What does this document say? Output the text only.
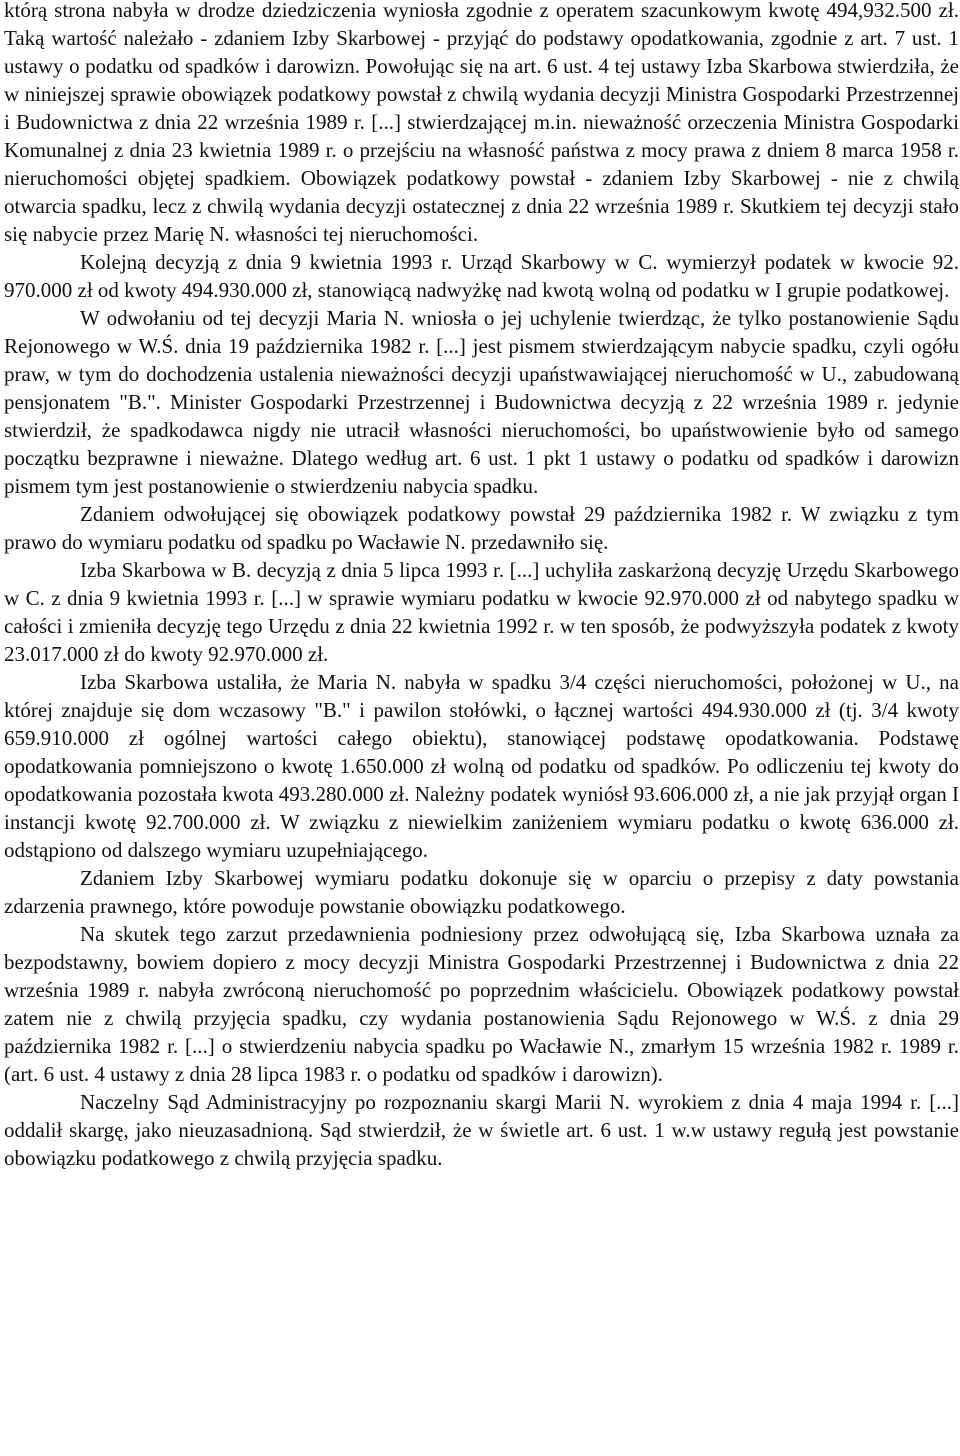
którą strona nabyła w drodze dziedziczenia wyniosła zgodnie z operatem szacunkowym kwotę 494,932.500 zł. Taką wartość należało - zdaniem Izby Skarbowej - przyjąć do podstawy opodatkowania, zgodnie z art. 7 ust. 1 ustawy o podatku od spadków i darowizn. Powołując się na art. 6 ust. 4 tej ustawy Izba Skarbowa stwierdziła, że w niniejszej sprawie obowiązek podatkowy powstał z chwilą wydania decyzji Ministra Gospodarki Przestrzennej i Budownictwa z dnia 22 września 1989 r. [...] stwierdzającej m.in. nieważność orzeczenia Ministra Gospodarki Komunalnej z dnia 23 kwietnia 1989 r. o przejściu na własność państwa z mocy prawa z dniem 8 marca 1958 r. nieruchomości objętej spadkiem. Obowiązek podatkowy powstał - zdaniem Izby Skarbowej - nie z chwilą otwarcia spadku, lecz z chwilą wydania decyzji ostatecznej z dnia 22 września 1989 r. Skutkiem tej decyzji stało się nabycie przez Marię N. własności tej nieruchomości.

Kolejną decyzją z dnia 9 kwietnia 1993 r. Urząd Skarbowy w C. wymierzył podatek w kwocie 92. 970.000 zł od kwoty 494.930.000 zł, stanowiącą nadwyżkę nad kwotą wolną od podatku w I grupie podatkowej.

W odwołaniu od tej decyzji Maria N. wniosła o jej uchylenie twierdząc, że tylko postanowienie Sądu Rejonowego w W.Ś. dnia 19 października 1982 r. [...] jest pismem stwierdzającym nabycie spadku, czyli ogółu praw, w tym do dochodzenia ustalenia nieważności decyzji upaństwawiającej nieruchomość w U., zabudowaną pensjonatem "B.". Minister Gospodarki Przestrzennej i Budownictwa decyzją z 22 września 1989 r. jedynie stwierdził, że spadkodawca nigdy nie utracił własności nieruchomości, bo upaństwowienie było od samego początku bezprawne i nieważne. Dlatego według art. 6 ust. 1 pkt 1 ustawy o podatku od spadków i darowizn pismem tym jest postanowienie o stwierdzeniu nabycia spadku.

Zdaniem odwołującej się obowiązek podatkowy powstał 29 października 1982 r. W związku z tym prawo do wymiaru podatku od spadku po Wacławie N. przedawniło się.

Izba Skarbowa w B. decyzją z dnia 5 lipca 1993 r. [...] uchyliła zaskarżoną decyzję Urzędu Skarbowego w C. z dnia 9 kwietnia 1993 r. [...] w sprawie wymiaru podatku w kwocie 92.970.000 zł od nabytego spadku w całości i zmieniła decyzję tego Urzędu z dnia 22 kwietnia 1992 r. w ten sposób, że podwyższyła podatek z kwoty 23.017.000 zł do kwoty 92.970.000 zł.

Izba Skarbowa ustaliła, że Maria N. nabyła w spadku 3/4 części nieruchomości, położonej w U., na której znajduje się dom wczasowy "B." i pawilon stołówki, o łącznej wartości 494.930.000 zł (tj. 3/4 kwoty 659.910.000 zł ogólnej wartości całego obiektu), stanowiącej podstawę opodatkowania. Podstawę opodatkowania pomniejszono o kwotę 1.650.000 zł wolną od podatku od spadków. Po odliczeniu tej kwoty do opodatkowania pozostała kwota 493.280.000 zł. Należny podatek wyniósł 93.606.000 zł, a nie jak przyjął organ I instancji kwotę 92.700.000 zł. W związku z niewielkim zaniżeniem wymiaru podatku o kwotę 636.000 zł. odstąpiono od dalszego wymiaru uzupełniającego.

Zdaniem Izby Skarbowej wymiaru podatku dokonuje się w oparciu o przepisy z daty powstania zdarzenia prawnego, które powoduje powstanie obowiązku podatkowego.

Na skutek tego zarzut przedawnienia podniesiony przez odwołującą się, Izba Skarbowa uznała za bezpodstawny, bowiem dopiero z mocy decyzji Ministra Gospodarki Przestrzennej i Budownictwa z dnia 22 września 1989 r. nabyła zwróconą nieruchomość po poprzednim właścicielu. Obowiązek podatkowy powstał zatem nie z chwilą przyjęcia spadku, czy wydania postanowienia Sądu Rejonowego w W.Ś. z dnia 29 października 1982 r. [...] o stwierdzeniu nabycia spadku po Wacławie N., zmarłym 15 września 1982 r. 1989 r. (art. 6 ust. 4 ustawy z dnia 28 lipca 1983 r. o podatku od spadków i darowizn).

Naczelny Sąd Administracyjny po rozpoznaniu skargi Marii N. wyrokiem z dnia 4 maja 1994 r. [...] oddalił skargę, jako nieuzasadnioną. Sąd stwierdził, że w świetle art. 6 ust. 1 w.w ustawy regułą jest powstanie obowiązku podatkowego z chwilą przyjęcia spadku.
